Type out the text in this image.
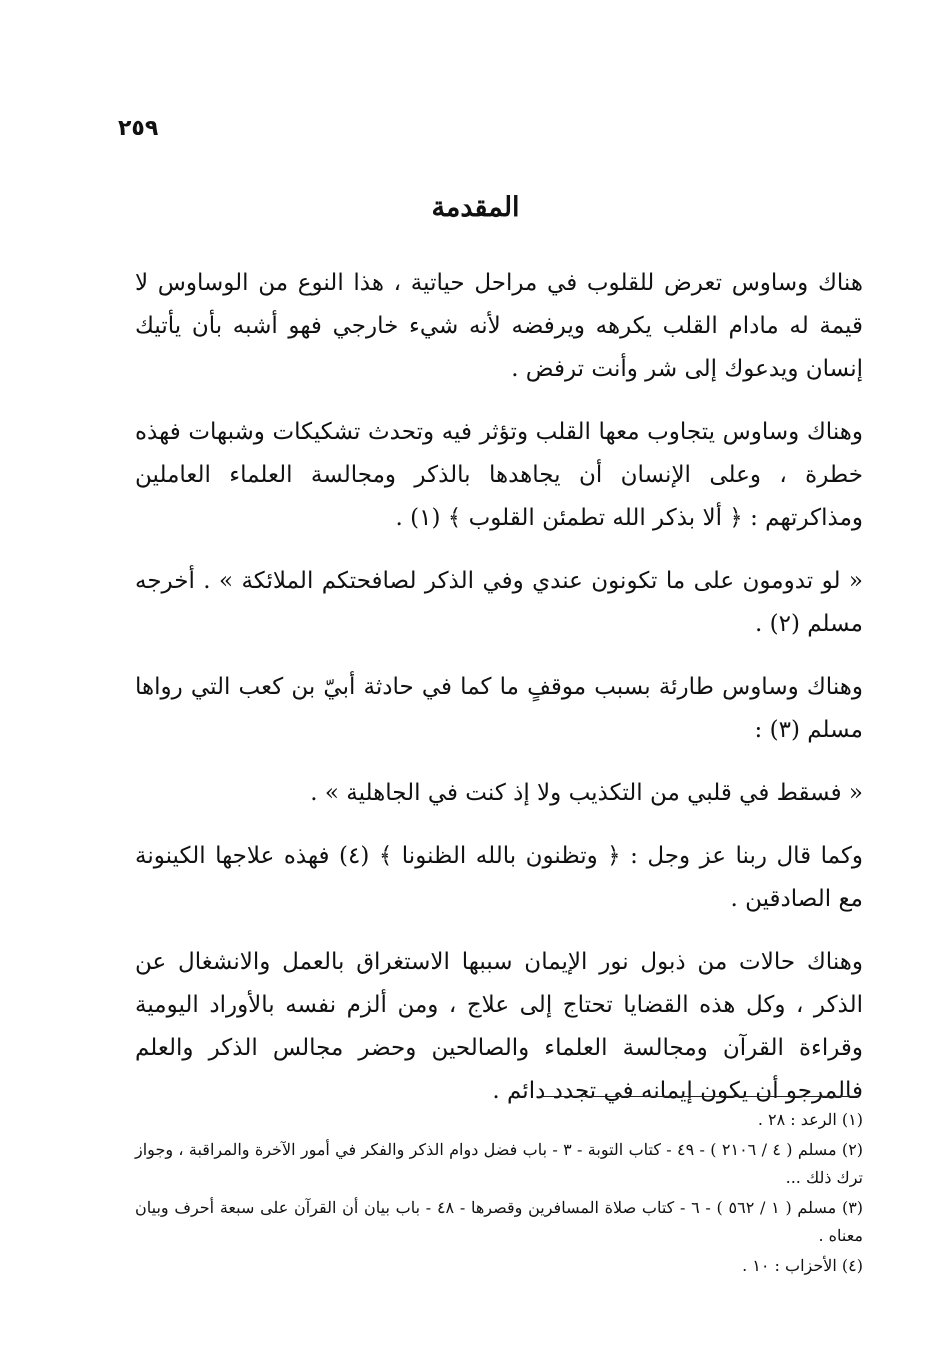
٢٥٩
المقدمة

هناك وساوس تعرض للقلوب في مراحل حياتية ، هذا النوع من الوساوس لا قيمة له مادام القلب يكرهه ويرفضه لأنه شيء خارجي فهو أشبه بأن يأتيك إنسان ويدعوك إلى شر وأنت ترفض .

وهناك وساوس يتجاوب معها القلب وتؤثر فيه وتحدث تشكيكات وشبهات فهذه خطرة ، وعلى الإنسان أن يجاهدها بالذكر ومجالسة العلماء العاملين ومذاكرتهم : ﴿ ألا بذكر الله تطمئن القلوب ﴾ (١) .

« لو تدومون على ما تكونون عندي وفي الذكر لصافحتكم الملائكة » . أخرجه مسلم (٢) .

وهناك وساوس طارئة بسبب موقفٍ ما كما في حادثة أبيّ بن كعب التي رواها مسلم (٣) :

« فسقط في قلبي من التكذيب ولا إذ كنت في الجاهلية » .

وكما قال ربنا عز وجل : ﴿ وتظنون بالله الظنونا ﴾ (٤) فهذه علاجها الكينونة مع الصادقين .

وهناك حالات من ذبول نور الإيمان سببها الاستغراق بالعمل والانشغال عن الذكر ، وكل هذه القضايا تحتاج إلى علاج ، ومن ألزم نفسه بالأوراد اليومية وقراءة القرآن ومجالسة العلماء والصالحين وحضر مجالس الذكر والعلم فالمرجو أن يكون إيمانه في تجدد دائم .

(١) الرعد : ٢٨ .

(٢) مسلم ( ٤ / ٢١٠٦ ) - ٤٩ - كتاب التوبة - ٣ - باب فضل دوام الذكر والفكر في أمور الآخرة والمراقبة ، وجواز ترك ذلك ...

(٣) مسلم ( ١ / ٥٦٢ ) - ٦ - كتاب صلاة المسافرين وقصرها - ٤٨ - باب بيان أن القرآن على سبعة أحرف وبيان معناه .

(٤) الأحزاب : ١٠ .
